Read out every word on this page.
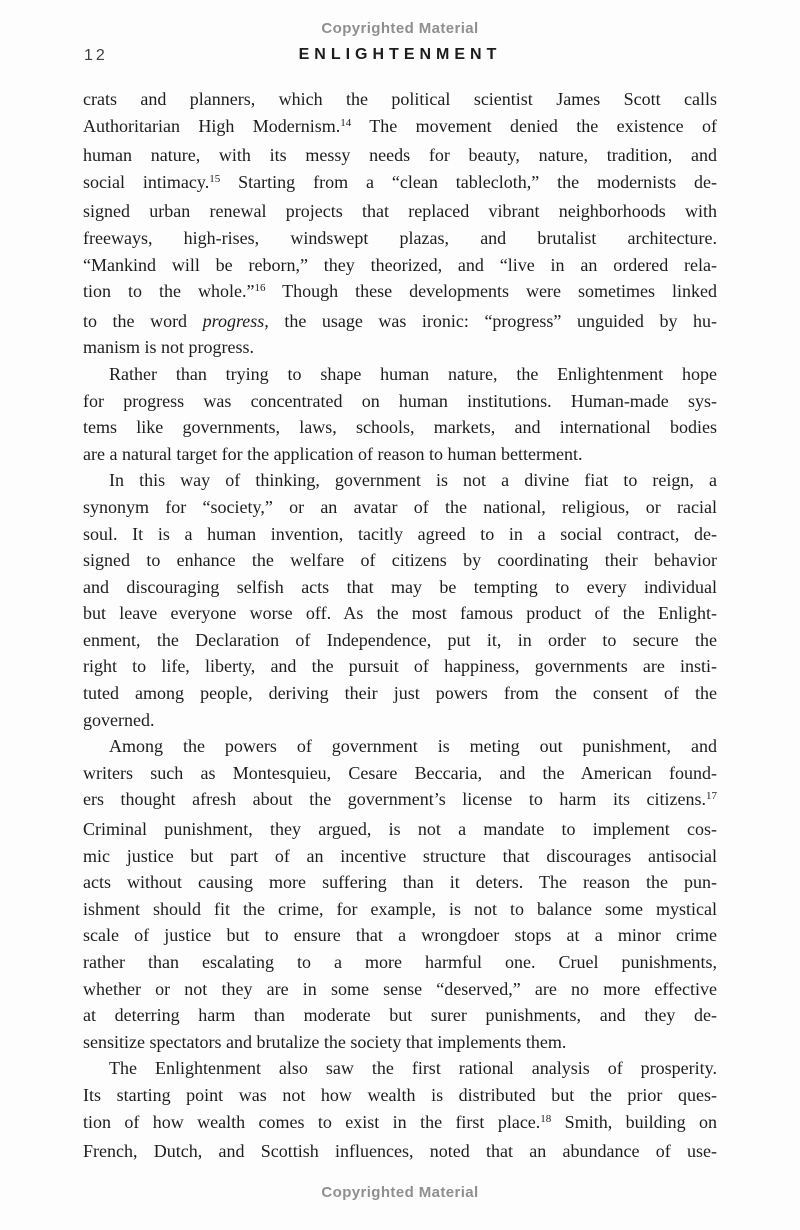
Copyrighted Material
12	ENLIGHTENMENT
crats and planners, which the political scientist James Scott calls
Authoritarian High Modernism.$^{14}$ The movement denied the existence of
human nature, with its messy needs for beauty, nature, tradition, and
social intimacy.$^{15}$ Starting from a “clean tablecloth,” the modernists de-
signed urban renewal projects that replaced vibrant neighborhoods with
freeways, high-rises, windswept plazas, and brutalist architecture.
“Mankind will be reborn,” they theorized, and “live in an ordered rela-
tion to the whole.”$^{16}$ Though these developments were sometimes linked
to the word progress, the usage was ironic: “progress” unguided by hu-
manism is not progress.
Rather than trying to shape human nature, the Enlightenment hope
for progress was concentrated on human institutions. Human-made sys-
tems like governments, laws, schools, markets, and international bodies
are a natural target for the application of reason to human betterment.
In this way of thinking, government is not a divine fiat to reign, a
synonym for “society,” or an avatar of the national, religious, or racial
soul. It is a human invention, tacitly agreed to in a social contract, de-
signed to enhance the welfare of citizens by coordinating their behavior
and discouraging selfish acts that may be tempting to every individual
but leave everyone worse off. As the most famous product of the Enlight-
enment, the Declaration of Independence, put it, in order to secure the
right to life, liberty, and the pursuit of happiness, governments are insti-
tuted among people, deriving their just powers from the consent of the
governed.
Among the powers of government is meting out punishment, and
writers such as Montesquieu, Cesare Beccaria, and the American found-
ers thought afresh about the government’s license to harm its citizens.$^{17}$
Criminal punishment, they argued, is not a mandate to implement cos-
mic justice but part of an incentive structure that discourages antisocial
acts without causing more suffering than it deters. The reason the pun-
ishment should fit the crime, for example, is not to balance some mystical
scale of justice but to ensure that a wrongdoer stops at a minor crime
rather than escalating to a more harmful one. Cruel punishments,
whether or not they are in some sense “deserved,” are no more effective
at deterring harm than moderate but surer punishments, and they de-
sensitize spectators and brutalize the society that implements them.
The Enlightenment also saw the first rational analysis of prosperity.
Its starting point was not how wealth is distributed but the prior ques-
tion of how wealth comes to exist in the first place.$^{18}$ Smith, building on
French, Dutch, and Scottish influences, noted that an abundance of use-
Copyrighted Material
